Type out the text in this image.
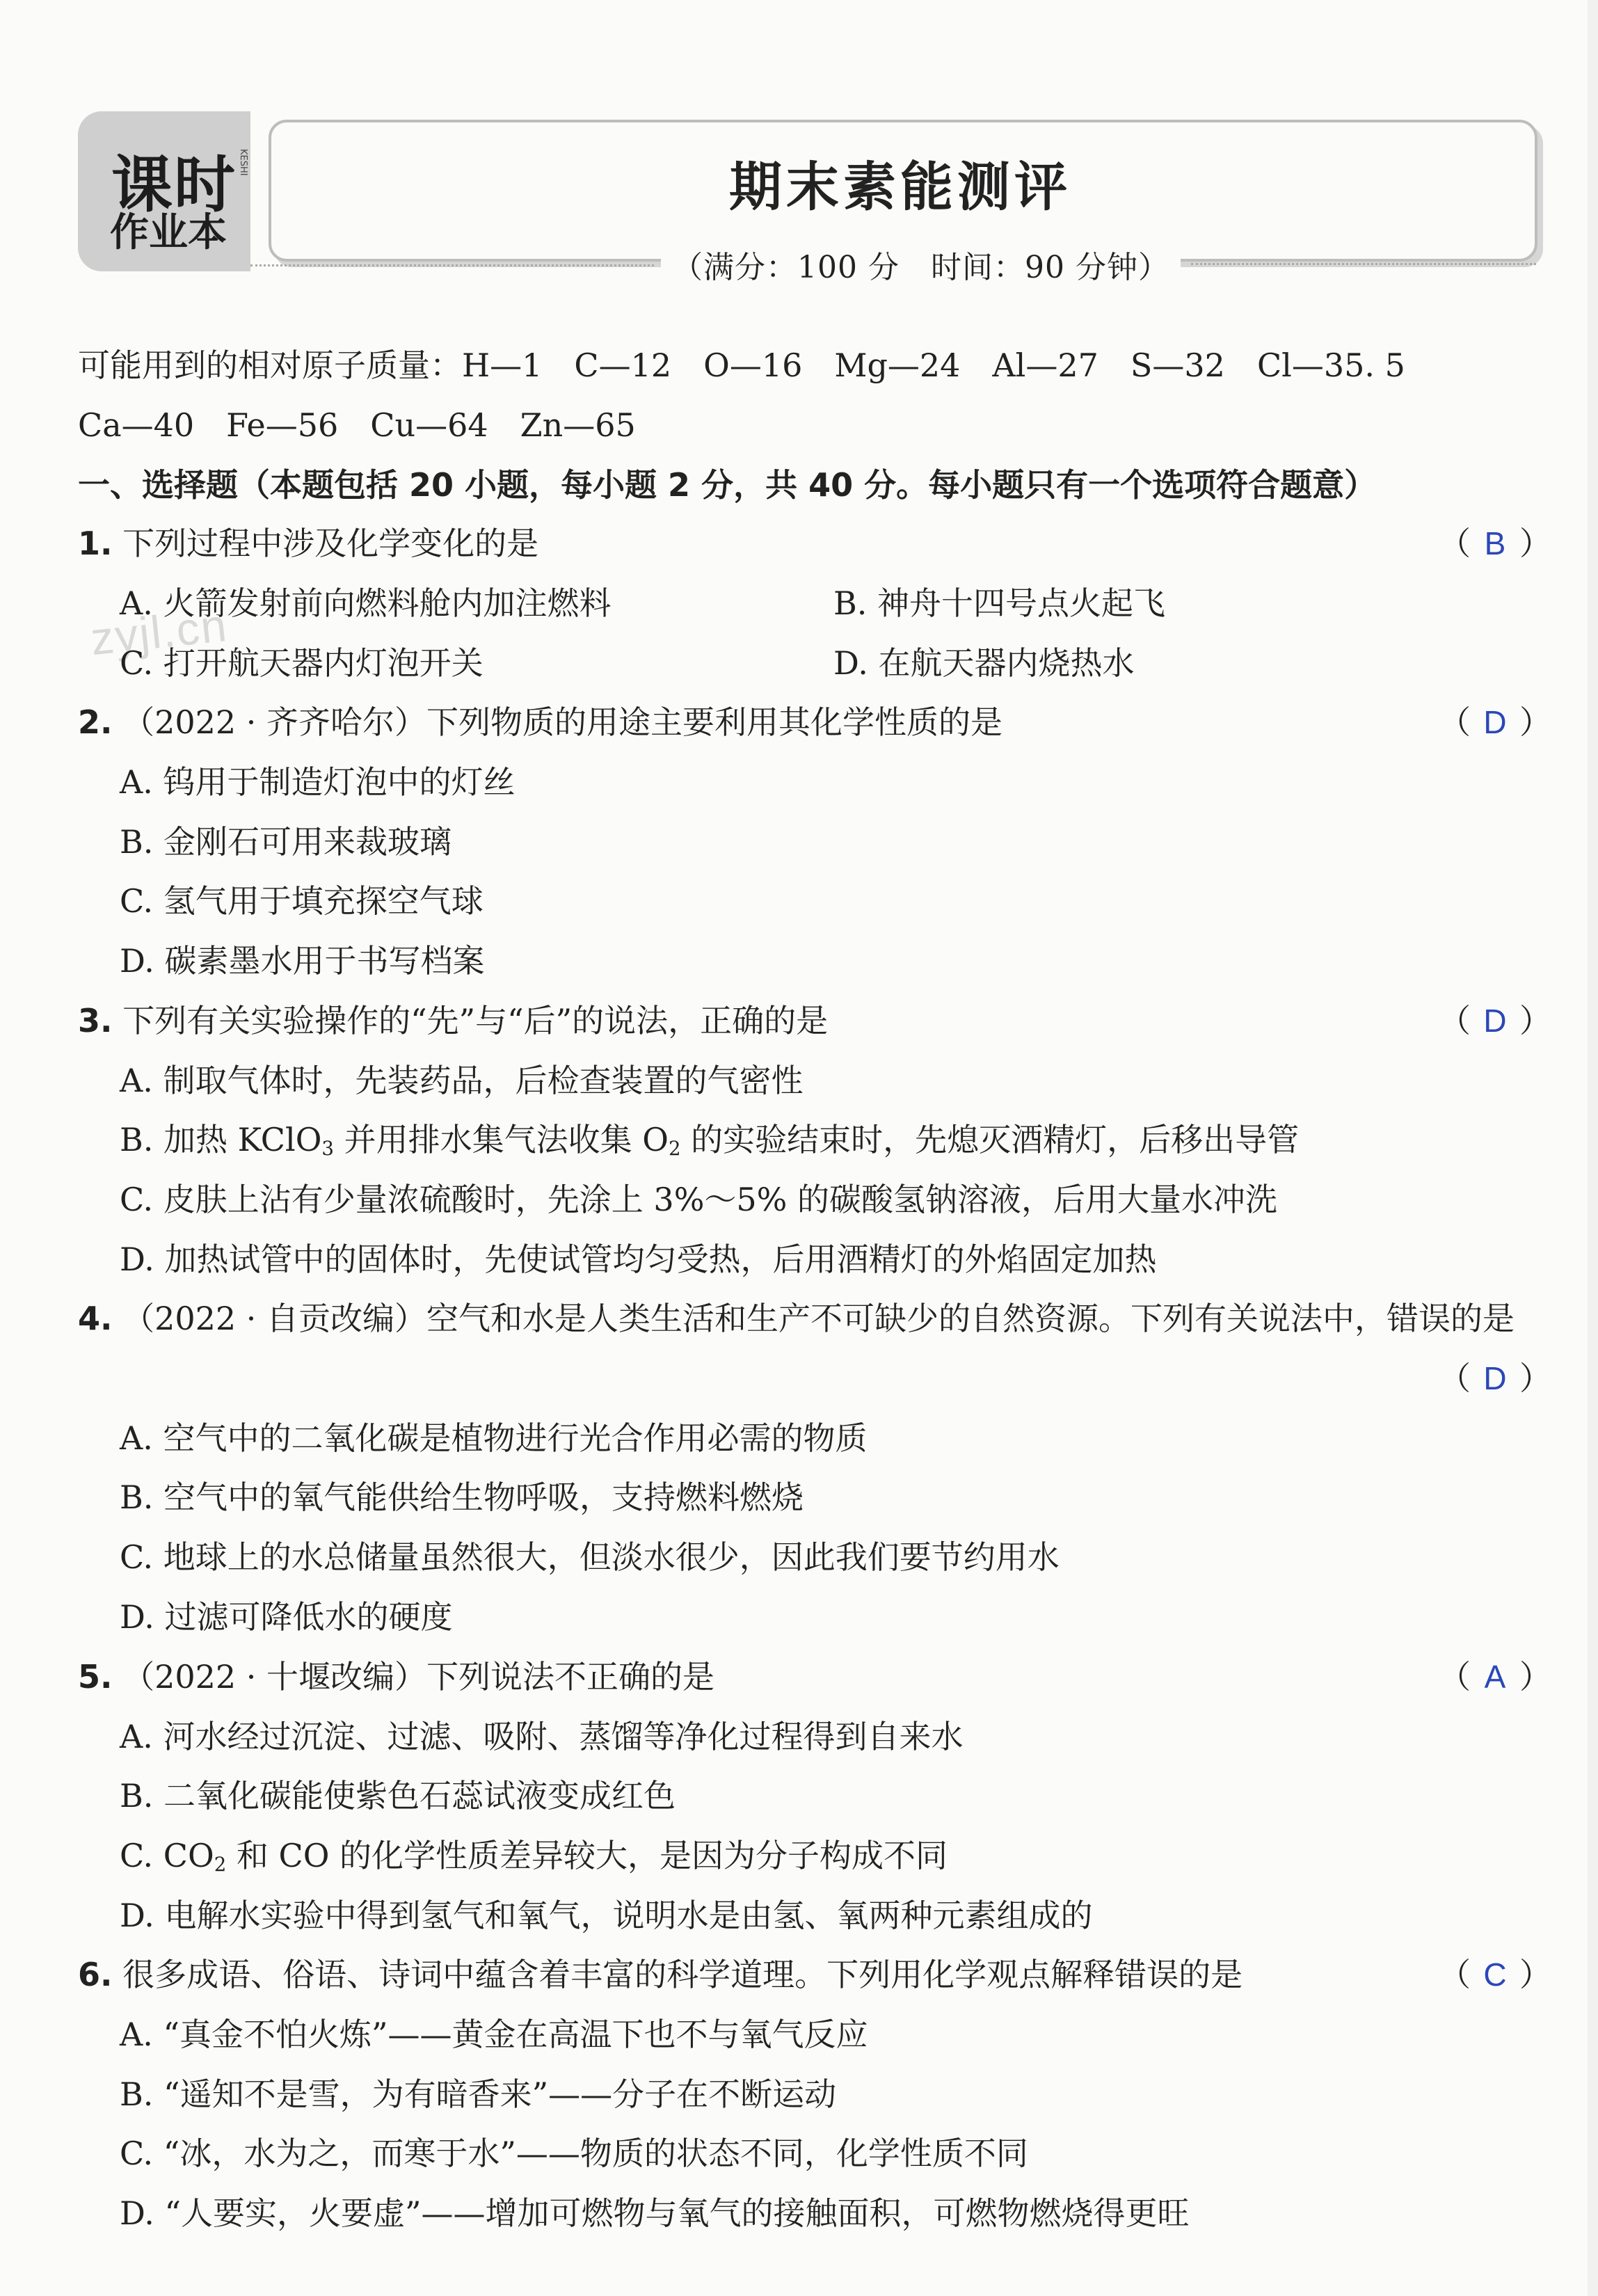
课时
作业本
KESHI	期末素能测评
（满分：100 分　时间：90 分钟）
zyjl.cn
可能用到的相对原子质量：H—1　C—12　O—16　Mg—24　Al—27　S—32　Cl—35. 5
Ca—40　Fe—56　Cu—64　Zn—65
一、选择题（本题包括 20 小题，每小题 2 分，共 40 分。每小题只有一个选项符合题意）
1. 下列过程中涉及化学变化的是	（ B ）
A. 火箭发射前向燃料舱内加注燃料	B. 神舟十四号点火起飞
C. 打开航天器内灯泡开关	D. 在航天器内烧热水
2. （2022 · 齐齐哈尔）下列物质的用途主要利用其化学性质的是	（ D ）
A. 钨用于制造灯泡中的灯丝
B. 金刚石可用来裁玻璃
C. 氢气用于填充探空气球
D. 碳素墨水用于书写档案
3. 下列有关实验操作的“先”与“后”的说法，正确的是	（ D ）
A. 制取气体时，先装药品，后检查装置的气密性
B. 加热 KClO$_3$ 并用排水集气法收集 $O_2$ 的实验结束时，先熄灭酒精灯，后移出导管
C. 皮肤上沾有少量浓硫酸时，先涂上 3%～5% 的碳酸氢钠溶液，后用大量水冲洗
D. 加热试管中的固体时，先使试管均匀受热，后用酒精灯的外焰固定加热
4. （2022 · 自贡改编）空气和水是人类生活和生产不可缺少的自然资源。下列有关说法中，错误的是
（ D ）
A. 空气中的二氧化碳是植物进行光合作用必需的物质
B. 空气中的氧气能供给生物呼吸，支持燃料燃烧
C. 地球上的水总储量虽然很大，但淡水很少，因此我们要节约用水
D. 过滤可降低水的硬度
5. （2022 · 十堰改编）下列说法不正确的是	（ A ）
A. 河水经过沉淀、过滤、吸附、蒸馏等净化过程得到自来水
B. 二氧化碳能使紫色石蕊试液变成红色
C. $CO_2$ 和 CO 的化学性质差异较大，是因为分子构成不同
D. 电解水实验中得到氢气和氧气，说明水是由氢、氧两种元素组成的
6. 很多成语、俗语、诗词中蕴含着丰富的科学道理。下列用化学观点解释错误的是	（ C ）
A. “真金不怕火炼”——黄金在高温下也不与氧气反应
B. “遥知不是雪，为有暗香来”——分子在不断运动
C. “冰，水为之，而寒于水”——物质的状态不同，化学性质不同
D. “人要实，火要虚”——增加可燃物与氧气的接触面积，可燃物燃烧得更旺
